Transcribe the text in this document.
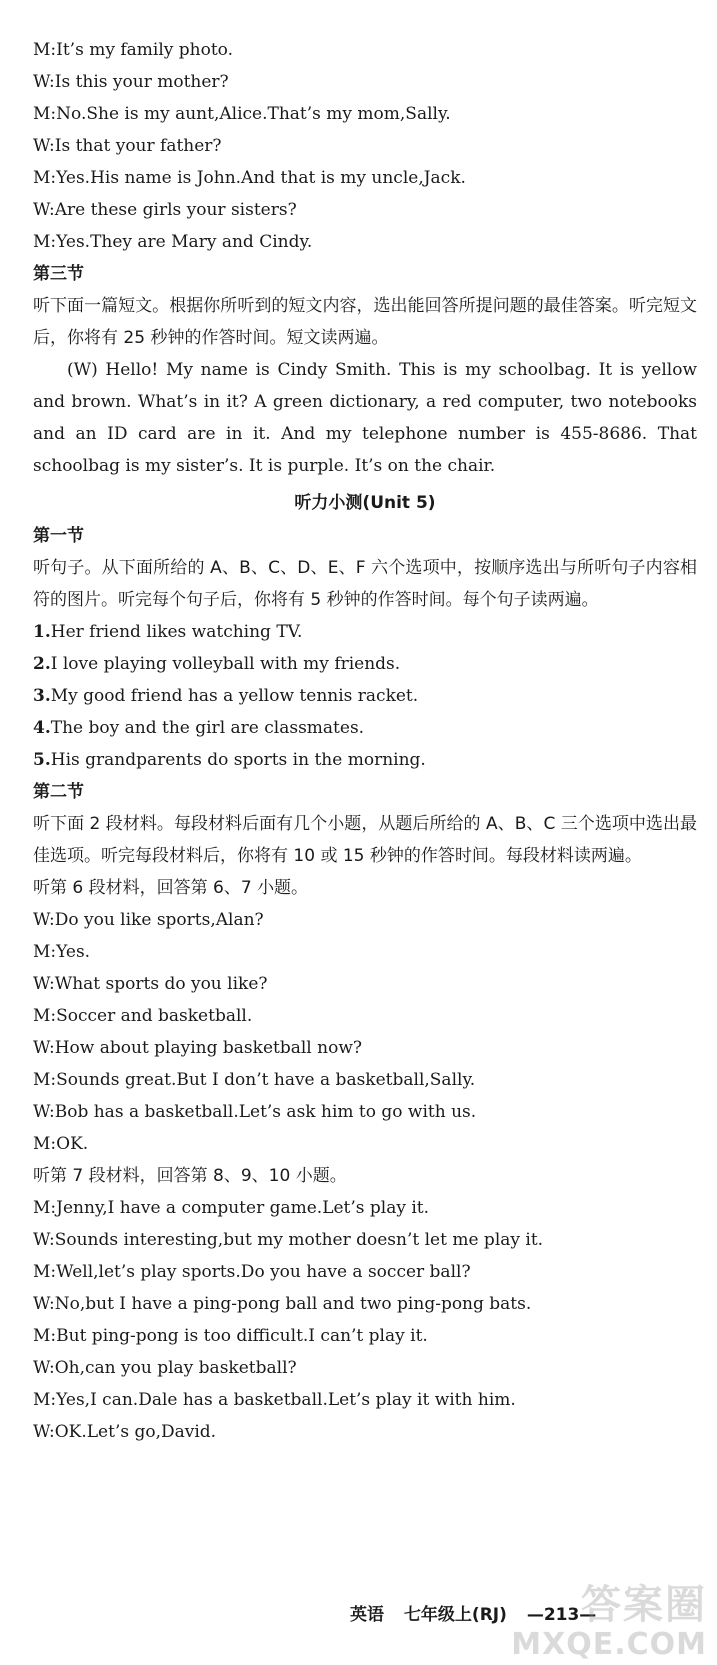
M:It’s my family photo.
W:Is this your mother?
M:No.She is my aunt,Alice.That’s my mom,Sally.
W:Is that your father?
M:Yes.His name is John.And that is my uncle,Jack.
W:Are these girls your sisters?
M:Yes.They are Mary and Cindy.
第三节
听下面一篇短文。根据你所听到的短文内容，选出能回答所提问题的最佳答案。听完短文后，你将有 25 秒钟的作答时间。短文读两遍。
(W) Hello! My name is Cindy Smith. This is my schoolbag. It is yellow and brown. What’s in it? A green dictionary, a red computer, two notebooks and an ID card are in it. And my telephone number is 455-8686. That schoolbag is my sister’s. It is purple. It’s on the chair.
听力小测(Unit 5)
第一节
听句子。从下面所给的 A、B、C、D、E、F 六个选项中，按顺序选出与所听句子内容相符的图片。听完每个句子后，你将有 5 秒钟的作答时间。每个句子读两遍。
1.Her friend likes watching TV.
2.I love playing volleyball with my friends.
3.My good friend has a yellow tennis racket.
4.The boy and the girl are classmates.
5.His grandparents do sports in the morning.
第二节
听下面 2 段材料。每段材料后面有几个小题，从题后所给的 A、B、C 三个选项中选出最佳选项。听完每段材料后，你将有 10 或 15 秒钟的作答时间。每段材料读两遍。
听第 6 段材料，回答第 6、7 小题。
W:Do you like sports,Alan?
M:Yes.
W:What sports do you like?
M:Soccer and basketball.
W:How about playing basketball now?
M:Sounds great.But I don’t have a basketball,Sally.
W:Bob has a basketball.Let’s ask him to go with us.
M:OK.
听第 7 段材料，回答第 8、9、10 小题。
M:Jenny,I have a computer game.Let’s play it.
W:Sounds interesting,but my mother doesn’t let me play it.
M:Well,let’s play sports.Do you have a soccer ball?
W:No,but I have a ping-pong ball and two ping-pong bats.
M:But ping-pong is too difficult.I can’t play it.
W:Oh,can you play basketball?
M:Yes,I can.Dale has a basketball.Let’s play it with him.
W:OK.Let’s go,David.
英语 七年级上(RJ) —213—
答案圈
MXQE.COM
